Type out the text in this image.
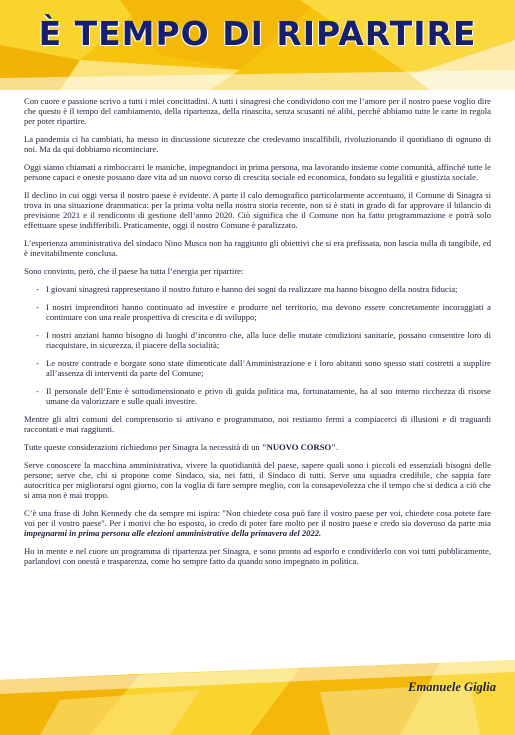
È TEMPO DI RIPARTIRE

Con cuore e passione scrivo a tutti i miei concittadini. A tutti i sinagresi che condividono con me l’amore per il nostro paese voglio dire che questo è il tempo del cambiamento, della ripartenza, della rinascita, senza scusanti né alibi, perché abbiamo tutte le carte in regola per poter ripartire.

La pandemia ci ha cambiati, ha messo in discussione sicurezze che credevamo inscalfibili, rivoluzionando il quotidiano di ognuno di noi. Ma da qui dobbiamo ricominciare.

Oggi siamo chiamati a rimboccarci le maniche, impegnandoci in prima persona, ma lavorando insieme come comunità, affinché tutte le persone capaci e oneste possano dare vita ad un nuovo corso di crescita sociale ed economica, fondato su legalità e giustizia sociale.

Il declino in cui oggi versa il nostro paese è evidente. A parte il calo demografico particolarmente accentuato, il Comune di Sinagra si trova in una situazione drammatica: per la prima volta nella nostra storia recente, non si è stati in grado di far approvare il bilancio di previsione 2021 e il rendiconto di gestione dell’anno 2020. Ciò significa che il Comune non ha fatto programmazione e potrà solo effettuare spese indifferibili. Praticamente, oggi il nostro Comune è paralizzato.

L’esperienza amministrativa del sindaco Nino Musca non ha raggiunto gli obiettivi che si era prefissata, non lascia nulla di tangibile, ed è inevitabilmente conclusa.

Sono convinto, però, che il paese ha tutta l’energia per ripartire:

- I giovani sinagresi rappresentano il nostro futuro e hanno dei sogni da realizzare ma hanno bisogno della nostra fiducia;
- I nostri imprenditori hanno continuato ad investire e produrre nel territorio, ma devono essere concretamente incoraggiati a continuare con una reale prospettiva di crescita e di sviluppo;
- I nostri anziani hanno bisogno di luoghi d’incontro che, alla luce delle mutate condizioni sanitarie, possano consentire loro di riacquistare, in sicurezza, il piacere della socialità;
- Le nostre contrade e borgate sono state dimenticate dall’Amministrazione e i loro abitanti sono spesso stati costretti a supplire all’assenza di interventi da parte del Comune;
- Il personale dell’Ente è sottodimensionato e privo di guida politica ma, fortunatamente, ha al suo interno ricchezza di risorse umane da valorizzare e sulle quali investire.

Mentre gli altri comuni del comprensorio si attivano e programmano, noi restiamo fermi a compiacerci di illusioni e di traguardi raccontati e mai raggiunti.

Tutte queste considerazioni richiedono per Sinagra la necessità di un "NUOVO CORSO".

Serve conoscere la macchina amministrativa, vivere la quotidianità del paese, sapere quali sono i piccoli ed essenziali bisogni delle persone; serve che, chi si propone come Sindaco, sia, nei fatti, il Sindaco di tutti. Serve una squadra credibile, che sappia fare autocritica per migliorarsi ogni giorno, con la voglia di fare sempre meglio, con la consapevolezza che il tempo che si dedica a ciò che si ama non è mai troppo.

C’è una frase di John Kennedy che da sempre mi ispira: "Non chiedete cosa può fare il vostro paese per voi, chiedete cosa potete fare voi per il vostro paese". Per i motivi che ho esposto, io credo di poter fare molto per il nostro paese e credo sia doveroso da parte mia impegnarmi in prima persona alle elezioni amministrative della primavera del 2022.

Ho in mente e nel cuore un programma di ripartenza per Sinagra, e sono pronto ad esporlo e condividerlo con voi tutti pubblicamente, parlandovi con onestà e trasparenza, come ho sempre fatto da quando sono impegnato in politica.

Emanuele Giglia
